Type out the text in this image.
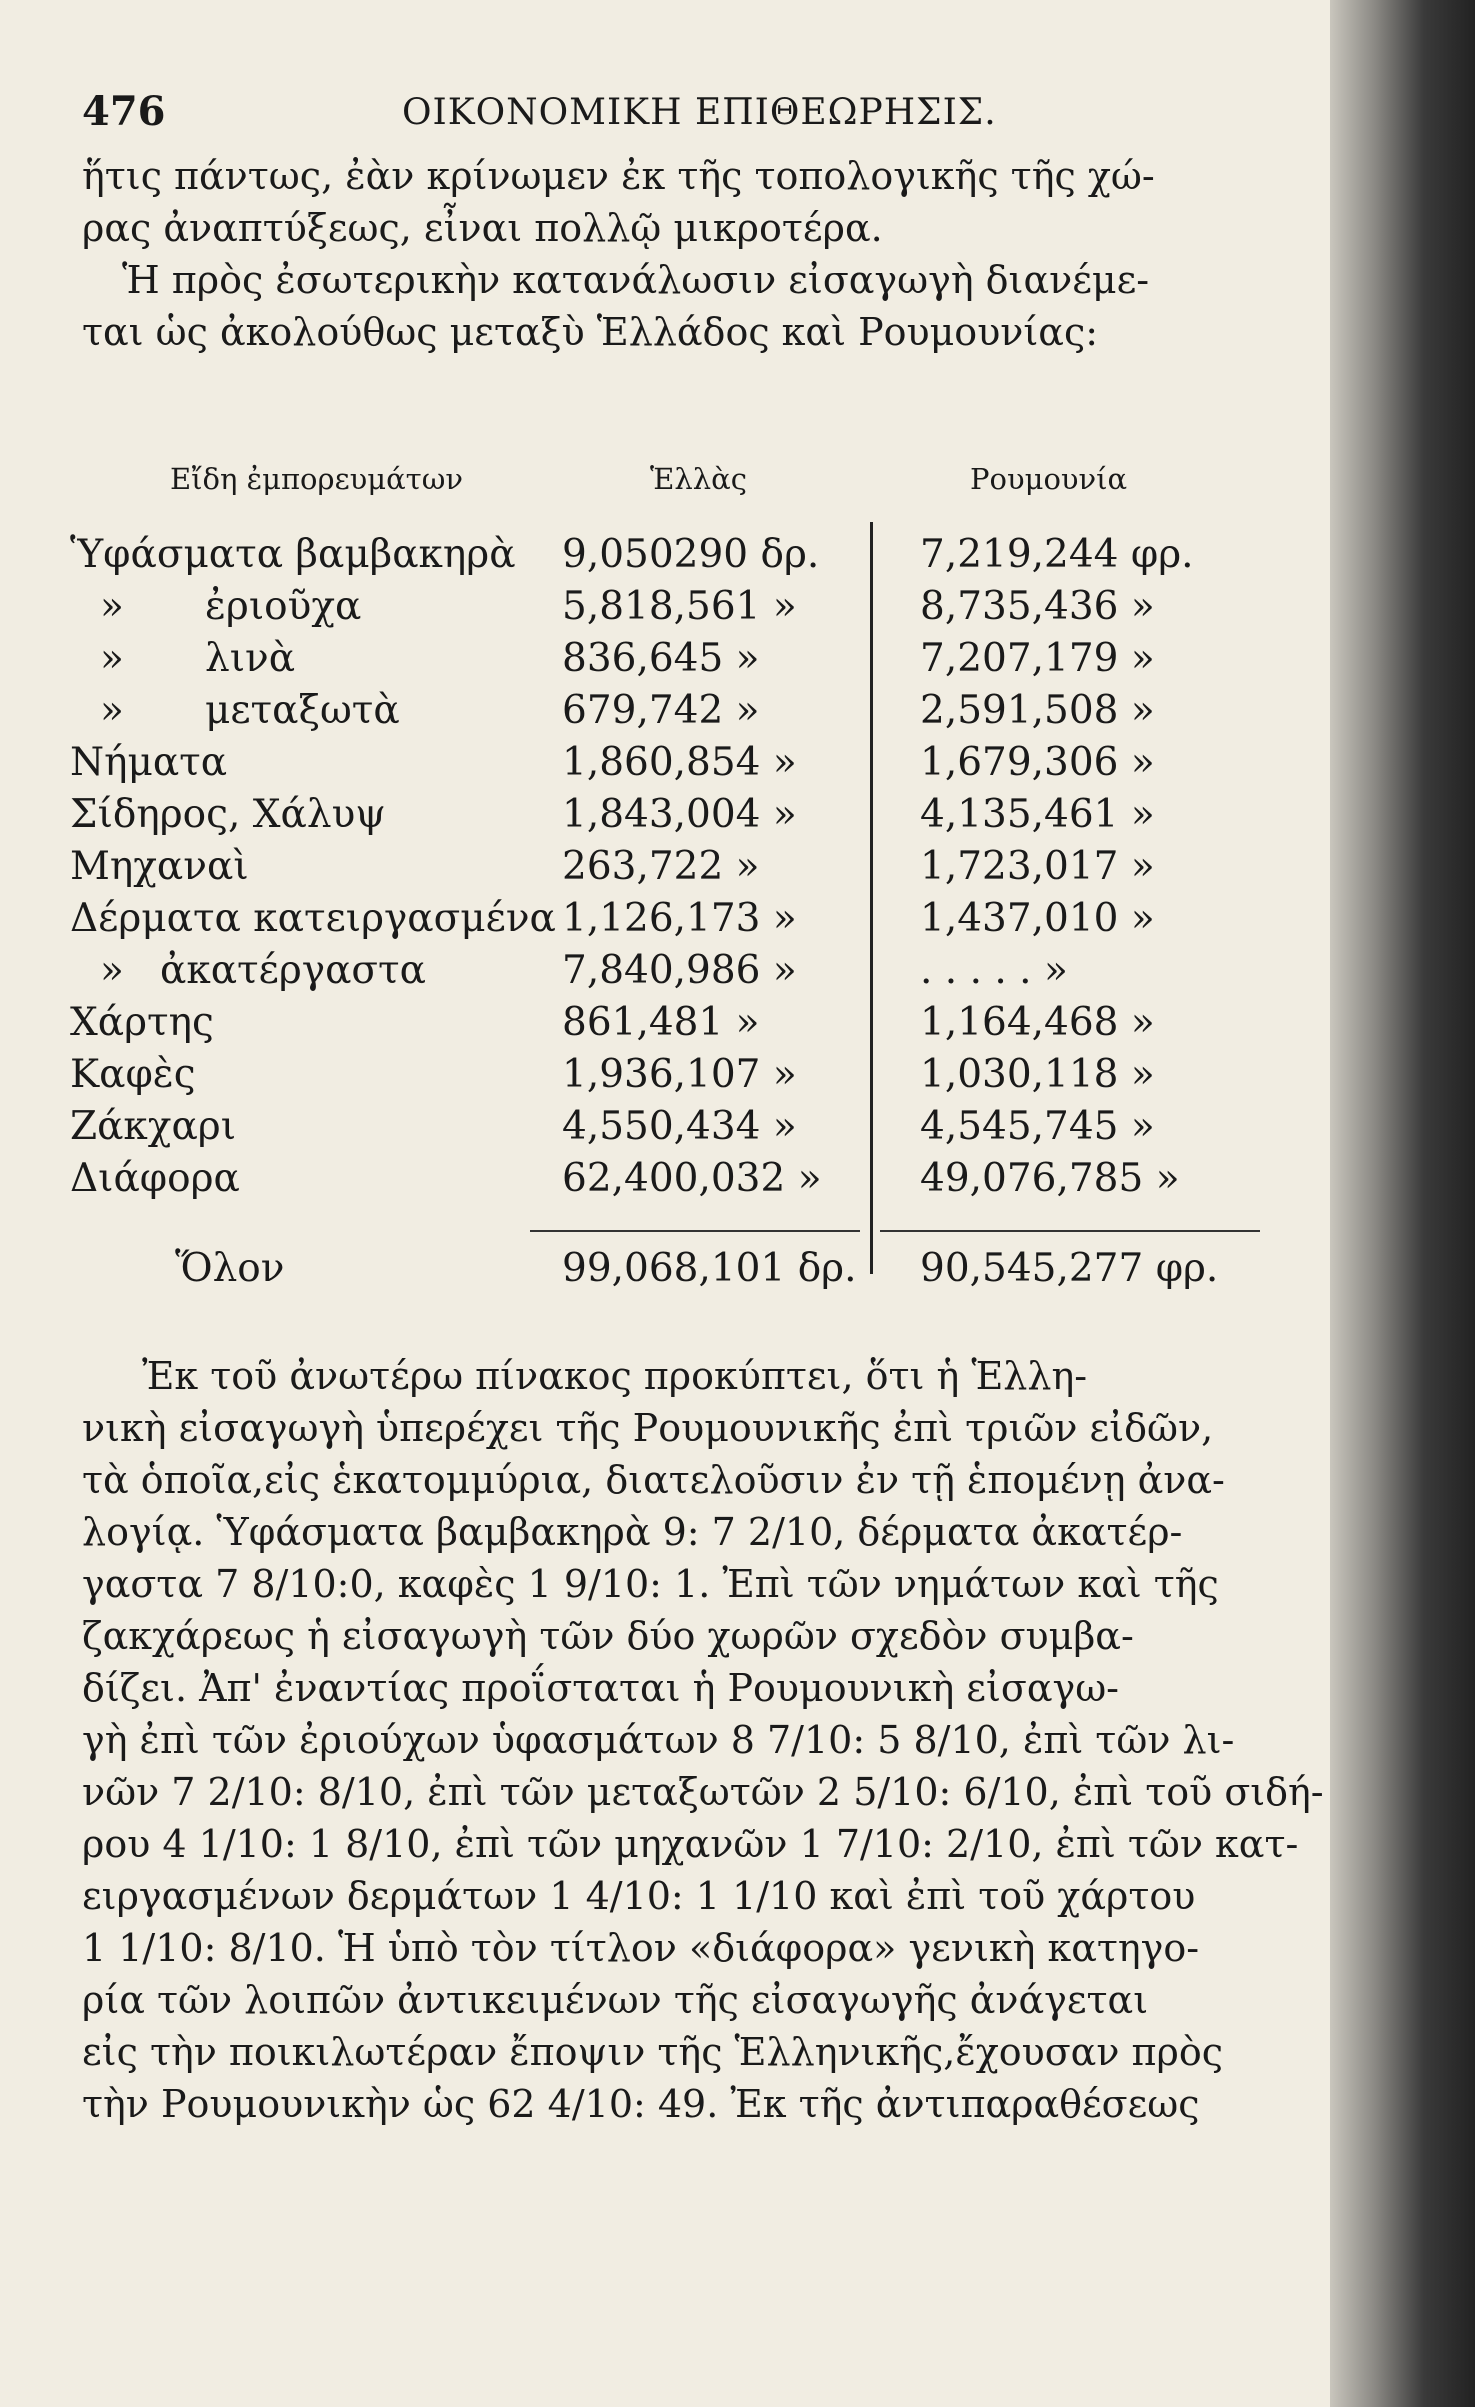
476	ΟΙΚΟΝΟΜΙΚΗ ΕΠΙΘΕΩΡΗΣΙΣ.
ἥτις πάντως, ἐὰν κρίνωμεν ἐκ τῆς τοπολογικῆς τῆς χώ-
ρας ἀναπτύξεως, εἶναι πολλῷ μικροτέρα.
Ἡ πρὸς ἐσωτερικὴν κατανάλωσιν εἰσαγωγὴ διανέμε-
ται ὡς ἀκολούθως μεταξὺ Ἑλλάδος καὶ Ρουμουνίας:
Εἴδη ἐμπορευμάτων	Ἑλλὰς	Ρουμουνία
Ὑφάσματα βαμβακηρὰ 9,050290 δρ.	7,219,244 φρ.
» ἐριοῦχα	5,818,561 »	8,735,436 »
» λινὰ	836,645 »	7,207,179 »
» μεταξωτὰ	679,742 »	2,591,508 »
Νήματα	1,860,854 »	1,679,306 »
Σίδηρος, Χάλυψ	1,843,004 »	4,135,461 »
Μηχαναὶ	263,722 »	1,723,017 »
Δέρματα κατειργασμένα 1,126,173 »	1,437,010 »
» ἀκατέργαστα	7,840,986 »	. . . . . »
Χάρτης	861,481 »	1,164,468 »
Καφὲς	1,936,107 »	1,030,118 »
Ζάκχαρι	4,550,434 »	4,545,745 »
Διάφορα	62,400,032 »	49,076,785 »
Ὅλον	99,068,101 δρ.	90,545,277 φρ.
Ἐκ τοῦ ἀνωτέρω πίνακος προκύπτει, ὅτι ἡ Ἑλλη-
νικὴ εἰσαγωγὴ ὑπερέχει τῆς Ρουμουνικῆς ἐπὶ τριῶν εἰδῶν,
τὰ ὁποῖα,εἰς ἑκατομμύρια, διατελοῦσιν ἐν τῇ ἑπομένῃ ἀνα-
λογίᾳ. Ὑφάσματα βαμβακηρὰ 9: 7 2/10, δέρματα ἀκατέρ-
γαστα 7 8/10:0, καφὲς 1 9/10: 1. Ἐπὶ τῶν νημάτων καὶ τῆς
ζακχάρεως ἡ εἰσαγωγὴ τῶν δύο χωρῶν σχεδὸν συμβα-
δίζει. Ἀπ' ἐναντίας προΐσταται ἡ Ρουμουνικὴ εἰσαγω-
γὴ ἐπὶ τῶν ἐριούχων ὑφασμάτων 8 7/10: 5 8/10, ἐπὶ τῶν λι-
νῶν 7 2/10: 8/10, ἐπὶ τῶν μεταξωτῶν 2 5/10: 6/10, ἐπὶ τοῦ σιδή-
ρου 4 1/10: 1 8/10, ἐπὶ τῶν μηχανῶν 1 7/10: 2/10, ἐπὶ τῶν κατ-
ειργασμένων δερμάτων 1 4/10: 1 1/10 καὶ ἐπὶ τοῦ χάρτου
1 1/10: 8/10. Ἡ ὑπὸ τὸν τίτλον «διάφορα» γενικὴ κατηγο-
ρία τῶν λοιπῶν ἀντικειμένων τῆς εἰσαγωγῆς ἀνάγεται
εἰς τὴν ποικιλωτέραν ἔποψιν τῆς Ἑλληνικῆς,ἔχουσαν πρὸς
τὴν Ρουμουνικὴν ὡς 62 4/10: 49. Ἐκ τῆς ἀντιπαραθέσεως
